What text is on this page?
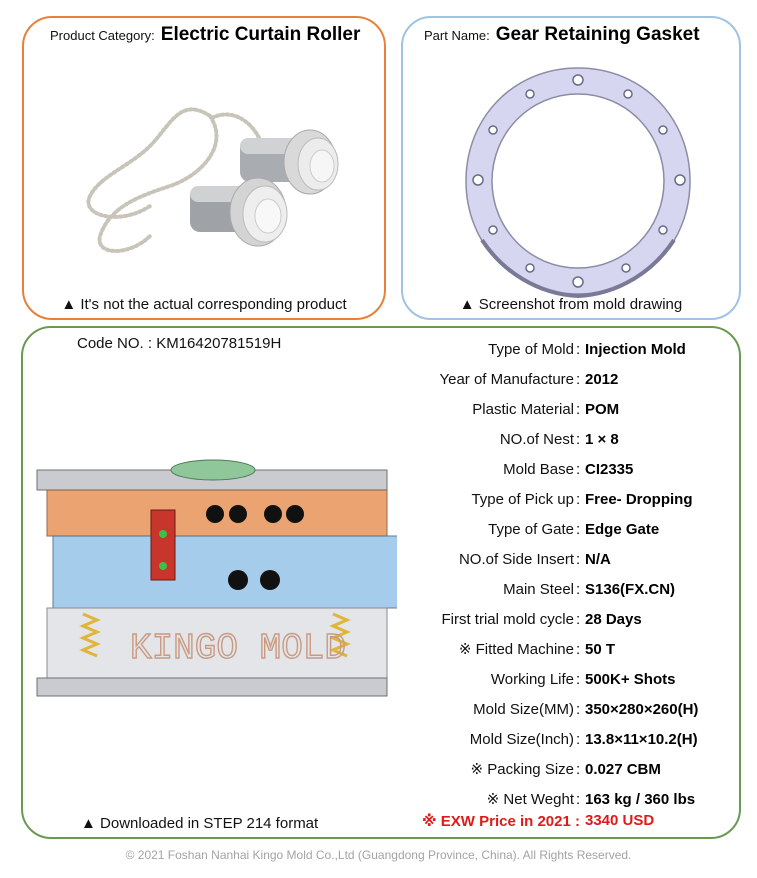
Product Category: Electric Curtain Roller
▲ It's not the actual corresponding product
Part Name: Gear Retaining Gasket
▲ Screenshot from mold drawing
Code NO. : KM16420781519H
KINGO MOLD
Type of Mold : Injection Mold
Year of Manufacture : 2012
Plastic Material : POM
NO.of Nest : 1 × 8
Mold Base : CI2335
Type of Pick up : Free- Dropping
Type of Gate : Edge Gate
NO.of Side Insert : N/A
Main Steel : S136(FX.CN)
First trial mold cycle : 28 Days
※ Fitted Machine : 50 T
Working Life : 500K+ Shots
Mold Size(MM) : 350×280×260(H)
Mold Size(Inch) : 13.8×11×10.2(H)
※ Packing Size : 0.027 CBM
※ Net Weght : 163 kg / 360 lbs
▲ Downloaded in STEP 214 format	※ EXW Price in 2021 : 3340 USD
© 2021 Foshan Nanhai Kingo Mold Co.,Ltd (Guangdong Province, China). All Rights Reserved.
